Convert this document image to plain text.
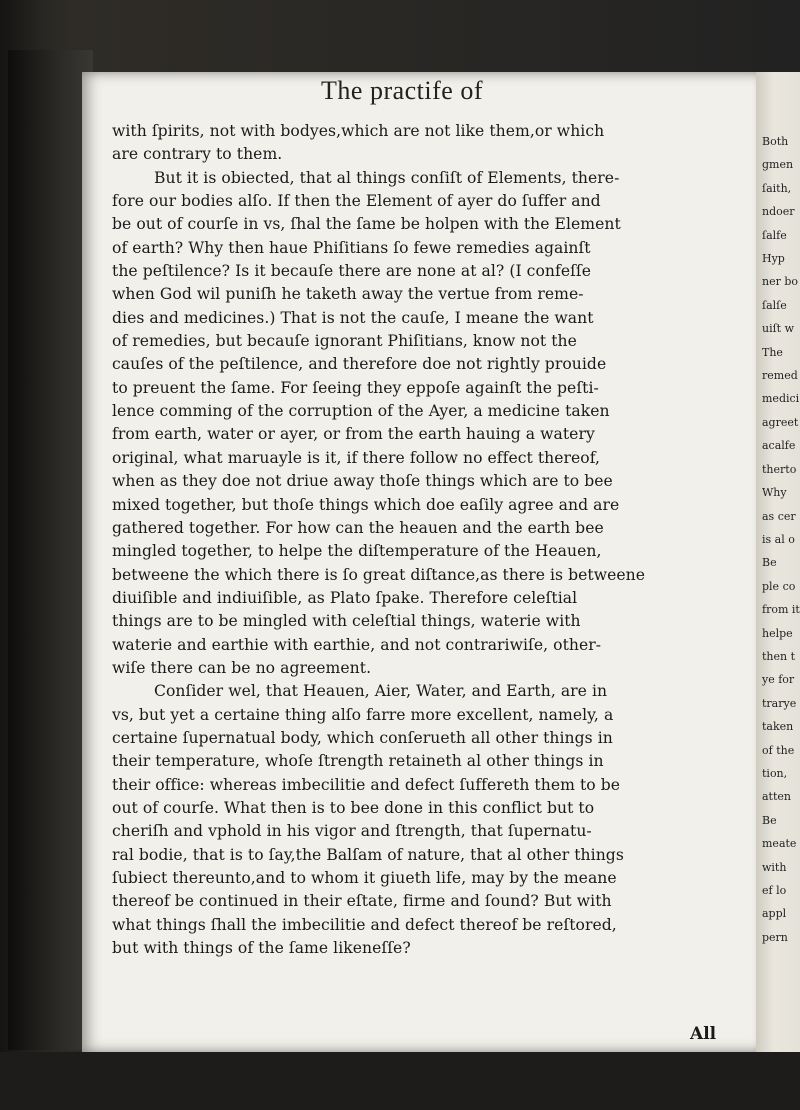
Both
gmen
ſaith,
ndoer
ſalfe
Hyp
ner bo
ſalſe
uiſt w
The
remed
medici
agreet
acalfe
therto
Why
as cer
is al o
Be
ple co
from it
helpe
then t
ye for
trarye
taken
of the
tion,
atten
Be
meate
with
ef lo
appl
pern
The practife of
with ſpirits, not with bodyes,which are not like them,or which
are contrary to them.
But it is obiected, that al things conſiſt of Elements, there-
fore our bodies alſo. If then the Element of ayer do ſuffer and
be out of courſe in vs, ſhal the ſame be holpen with the Element
of earth? Why then haue Phiſitians ſo fewe remedies againſt
the peſtilence? Is it becauſe there are none at al? (I confeſſe
when God wil puniſh he taketh away the vertue from reme-
dies and medicines.) That is not the cauſe, I meane the want
of remedies, but becauſe ignorant Phiſitians, know not the
cauſes of the peſtilence, and therefore doe not rightly prouide
to preuent the ſame. For ſeeing they eppoſe againſt the peſti-
lence comming of the corruption of the Ayer, a medicine taken
from earth, water or ayer, or from the earth hauing a watery
original, what maruayle is it, if there follow no effect thereof,
when as they doe not driue away thoſe things which are to bee
mixed together, but thoſe things which doe eaſily agree and are
gathered together. For how can the heauen and the earth bee
mingled together, to helpe the diſtemperature of the Heauen,
betweene the which there is ſo great diſtance,as there is betweene
diuiſible and indiuiſible, as Plato ſpake. Therefore celeſtial
things are to be mingled with celeſtial things, waterie with
waterie and earthie with earthie, and not contrariwiſe, other-
wiſe there can be no agreement.
Conſider wel, that Heauen, Aier, Water, and Earth, are in
vs, but yet a certaine thing alſo farre more excellent, namely, a
certaine ſupernatual body, which conſerueth all other things in
their temperature, whoſe ſtrength retaineth al other things in
their office: whereas imbecilitie and defect ſuffereth them to be
out of courſe. What then is to bee done in this conflict but to
cheriſh and vphold in his vigor and ſtrength, that ſupernatu-
ral bodie, that is to ſay,the Balſam of nature, that al other things
ſubiect thereunto,and to whom it giueth life, may by the meane
thereof be continued in their eſtate, firme and ſound? But with
what things ſhall the imbecilitie and defect thereof be reſtored,
but with things of the ſame likeneſſe?
All
